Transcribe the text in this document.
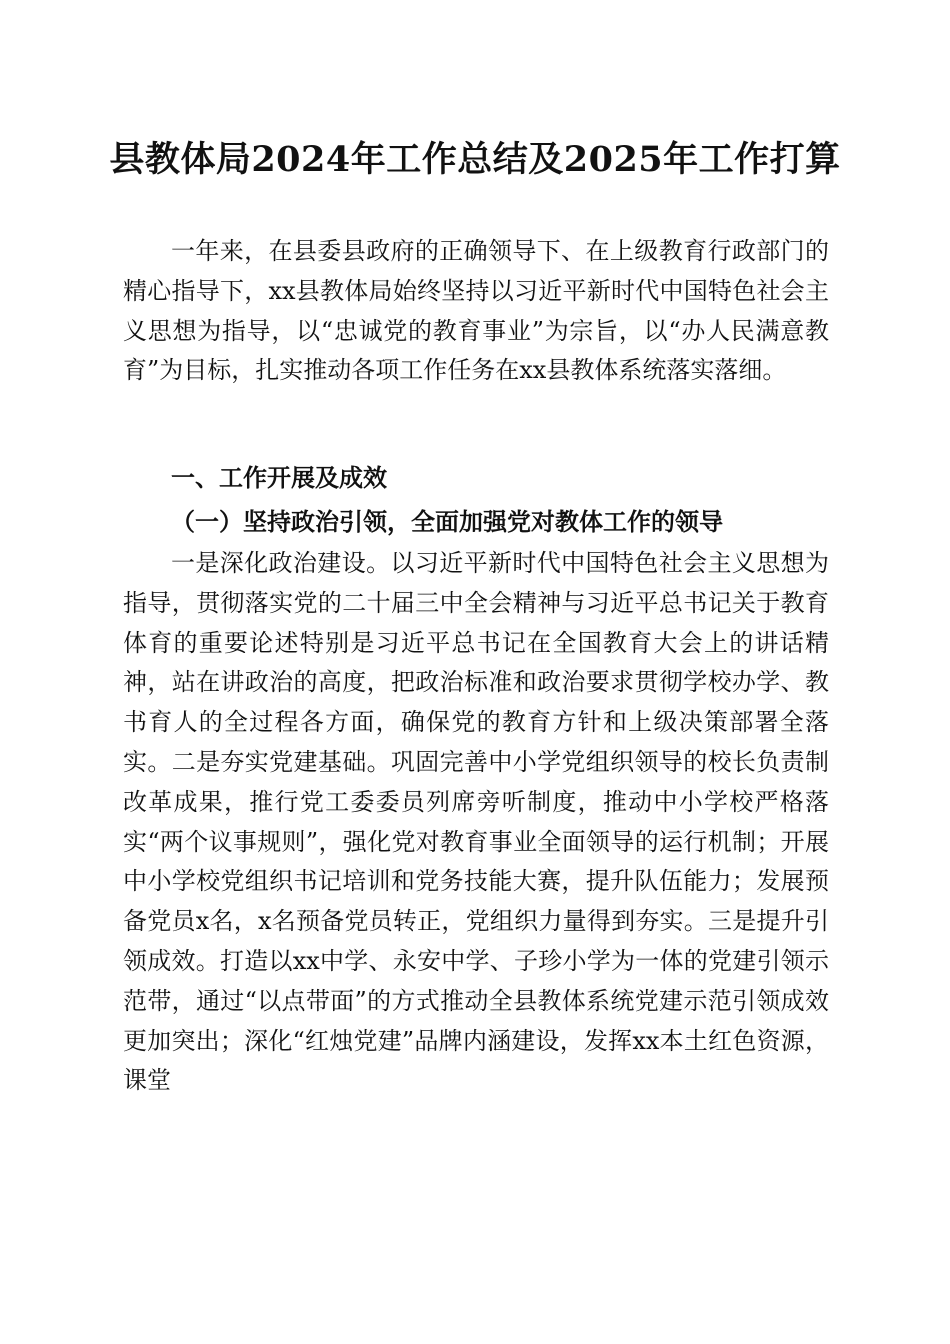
县教体局2024年工作总结及2025年工作打算

一年来，在县委县政府的正确领导下、在上级教育行政部门的精心指导下，xx县教体局始终坚持以习近平新时代中国特色社会主义思想为指导，以“忠诚党的教育事业”为宗旨，以“办人民满意教育”为目标，扎实推动各项工作任务在xx县教体系统落实落细。

一、工作开展及成效
（一）坚持政治引领，全面加强党对教体工作的领导

一是深化政治建设。以习近平新时代中国特色社会主义思想为指导，贯彻落实党的二十届三中全会精神与习近平总书记关于教育体育的重要论述特别是习近平总书记在全国教育大会上的讲话精神，站在讲政治的高度，把政治标准和政治要求贯彻学校办学、教书育人的全过程各方面，确保党的教育方针和上级决策部署全落实。二是夯实党建基础。巩固完善中小学党组织领导的校长负责制改革成果，推行党工委委员列席旁听制度，推动中小学校严格落实“两个议事规则”，强化党对教育事业全面领导的运行机制；开展中小学校党组织书记培训和党务技能大赛，提升队伍能力；发展预备党员x名，x名预备党员转正，党组织力量得到夯实。三是提升引领成效。打造以xx中学、永安中学、子珍小学为一体的党建引领示范带，通过“以点带面”的方式推动全县教体系统党建示范引领成效更加突出；深化“红烛党建”品牌内涵建设，发挥xx本土红色资源，课堂
